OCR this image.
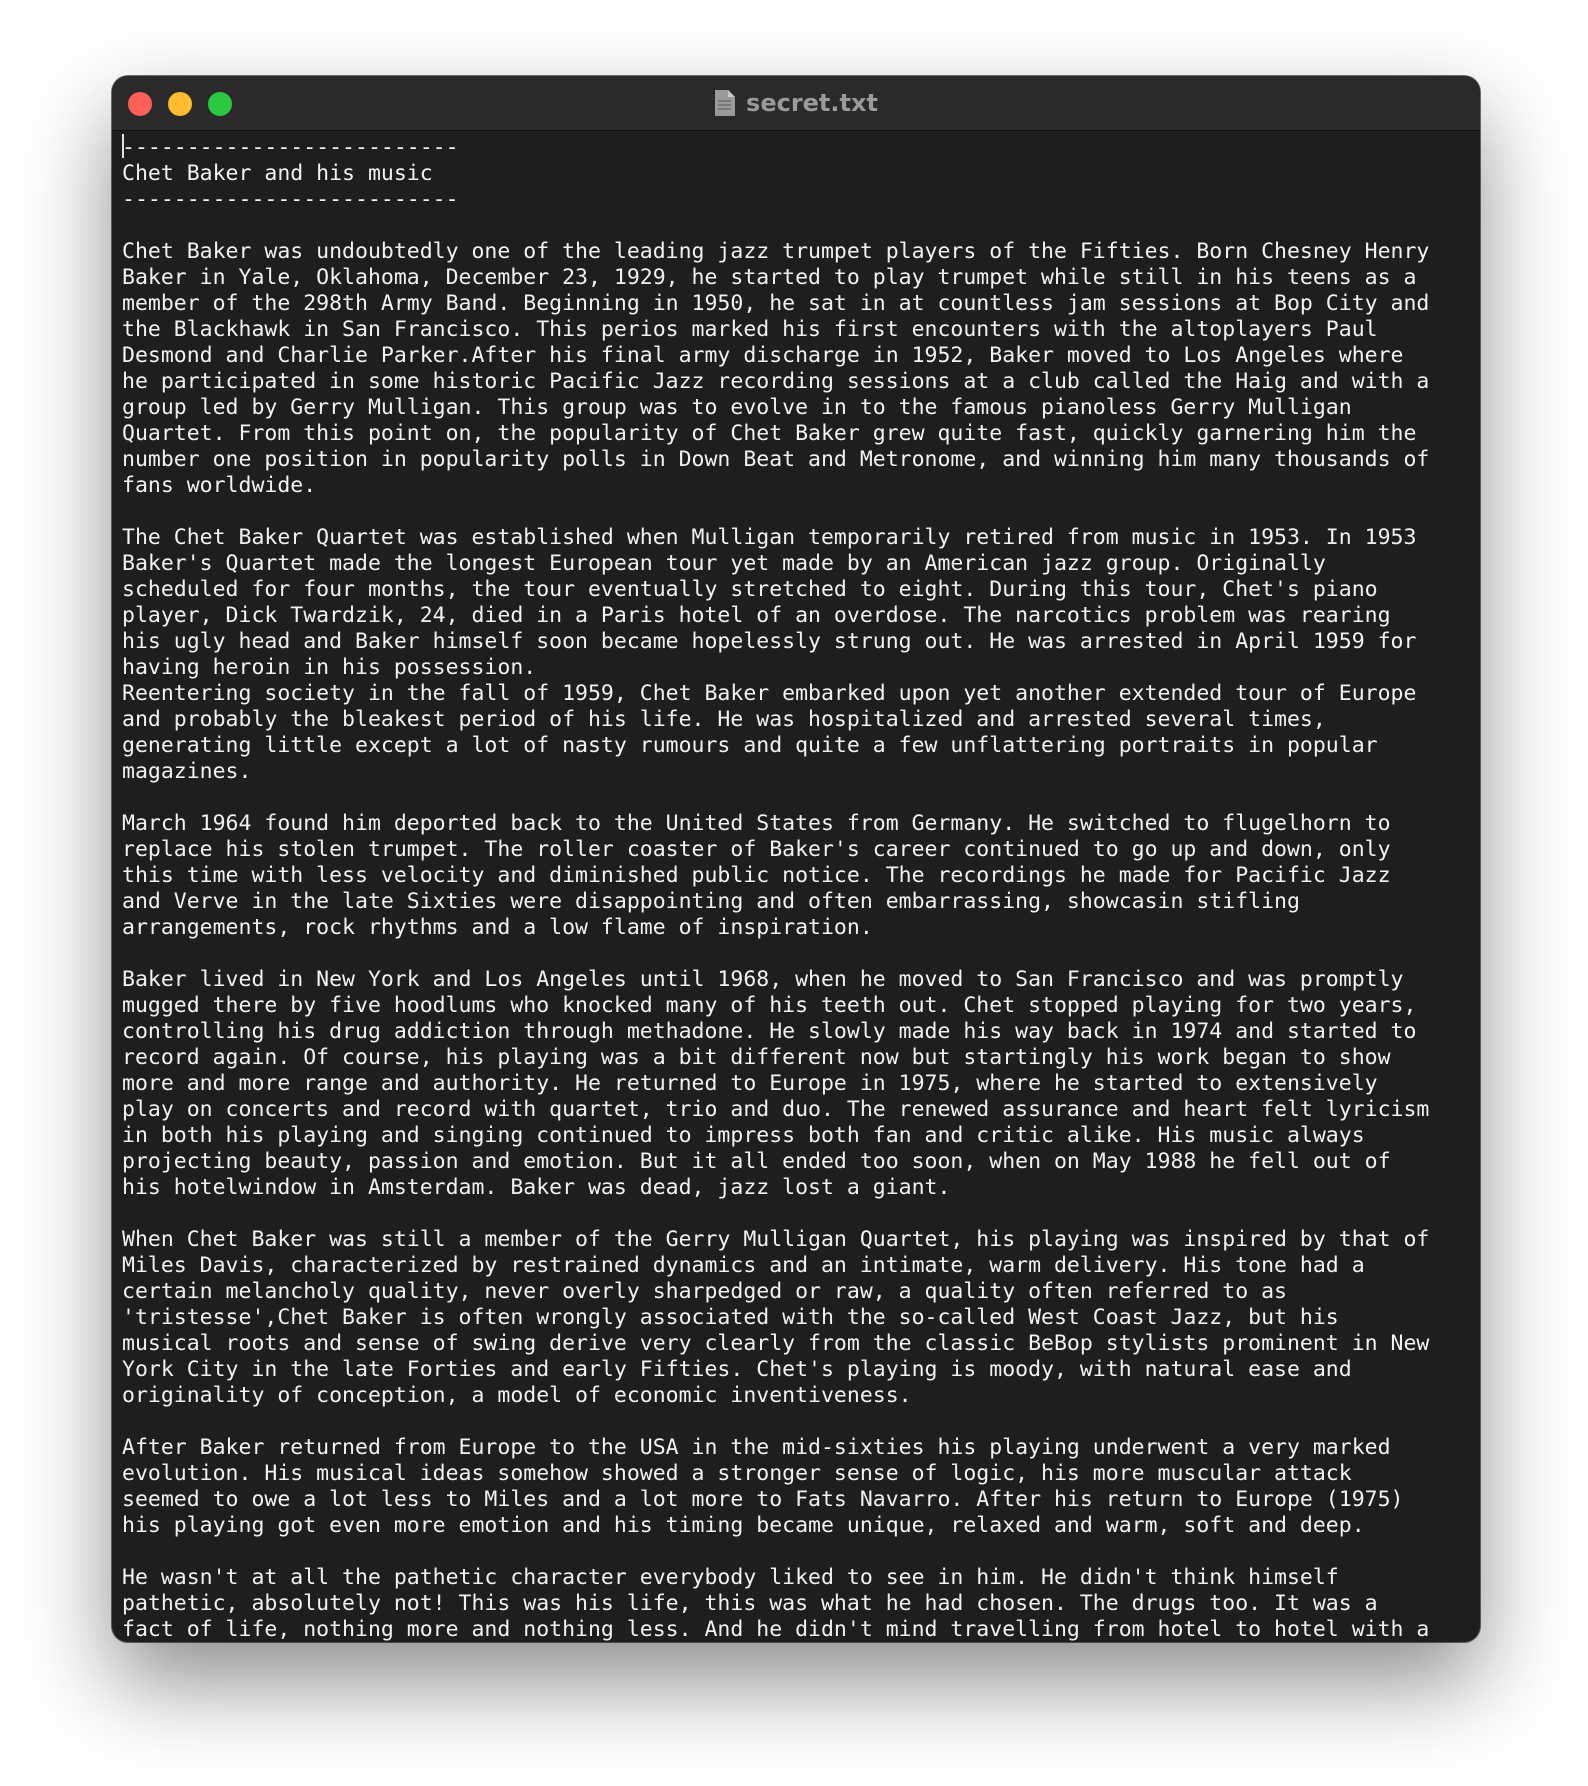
secret.txt
--------------------------
Chet Baker and his music
--------------------------

Chet Baker was undoubtedly one of the leading jazz trumpet players of the Fifties. Born Chesney Henry
Baker in Yale, Oklahoma, December 23, 1929, he started to play trumpet while still in his teens as a
member of the 298th Army Band. Beginning in 1950, he sat in at countless jam sessions at Bop City and
the Blackhawk in San Francisco. This perios marked his first encounters with the altoplayers Paul
Desmond and Charlie Parker.After his final army discharge in 1952, Baker moved to Los Angeles where
he participated in some historic Pacific Jazz recording sessions at a club called the Haig and with a
group led by Gerry Mulligan. This group was to evolve in to the famous pianoless Gerry Mulligan
Quartet. From this point on, the popularity of Chet Baker grew quite fast, quickly garnering him the
number one position in popularity polls in Down Beat and Metronome, and winning him many thousands of
fans worldwide.

The Chet Baker Quartet was established when Mulligan temporarily retired from music in 1953. In 1953
Baker's Quartet made the longest European tour yet made by an American jazz group. Originally
scheduled for four months, the tour eventually stretched to eight. During this tour, Chet's piano
player, Dick Twardzik, 24, died in a Paris hotel of an overdose. The narcotics problem was rearing
his ugly head and Baker himself soon became hopelessly strung out. He was arrested in April 1959 for
having heroin in his possession.
Reentering society in the fall of 1959, Chet Baker embarked upon yet another extended tour of Europe
and probably the bleakest period of his life. He was hospitalized and arrested several times,
generating little except a lot of nasty rumours and quite a few unflattering portraits in popular
magazines.

March 1964 found him deported back to the United States from Germany. He switched to flugelhorn to
replace his stolen trumpet. The roller coaster of Baker's career continued to go up and down, only
this time with less velocity and diminished public notice. The recordings he made for Pacific Jazz
and Verve in the late Sixties were disappointing and often embarrassing, showcasin stifling
arrangements, rock rhythms and a low flame of inspiration.

Baker lived in New York and Los Angeles until 1968, when he moved to San Francisco and was promptly
mugged there by five hoodlums who knocked many of his teeth out. Chet stopped playing for two years,
controlling his drug addiction through methadone. He slowly made his way back in 1974 and started to
record again. Of course, his playing was a bit different now but startingly his work began to show
more and more range and authority. He returned to Europe in 1975, where he started to extensively
play on concerts and record with quartet, trio and duo. The renewed assurance and heart felt lyricism
in both his playing and singing continued to impress both fan and critic alike. His music always
projecting beauty, passion and emotion. But it all ended too soon, when on May 1988 he fell out of
his hotelwindow in Amsterdam. Baker was dead, jazz lost a giant.

When Chet Baker was still a member of the Gerry Mulligan Quartet, his playing was inspired by that of
Miles Davis, characterized by restrained dynamics and an intimate, warm delivery. His tone had a
certain melancholy quality, never overly sharpedged or raw, a quality often referred to as
'tristesse',Chet Baker is often wrongly associated with the so-called West Coast Jazz, but his
musical roots and sense of swing derive very clearly from the classic BeBop stylists prominent in New
York City in the late Forties and early Fifties. Chet's playing is moody, with natural ease and
originality of conception, a model of economic inventiveness.

After Baker returned from Europe to the USA in the mid-sixties his playing underwent a very marked
evolution. His musical ideas somehow showed a stronger sense of logic, his more muscular attack
seemed to owe a lot less to Miles and a lot more to Fats Navarro. After his return to Europe (1975)
his playing got even more emotion and his timing became unique, relaxed and warm, soft and deep.

He wasn't at all the pathetic character everybody liked to see in him. He didn't think himself
pathetic, absolutely not! This was his life, this was what he had chosen. The drugs too. It was a
fact of life, nothing more and nothing less. And he didn't mind travelling from hotel to hotel with a
